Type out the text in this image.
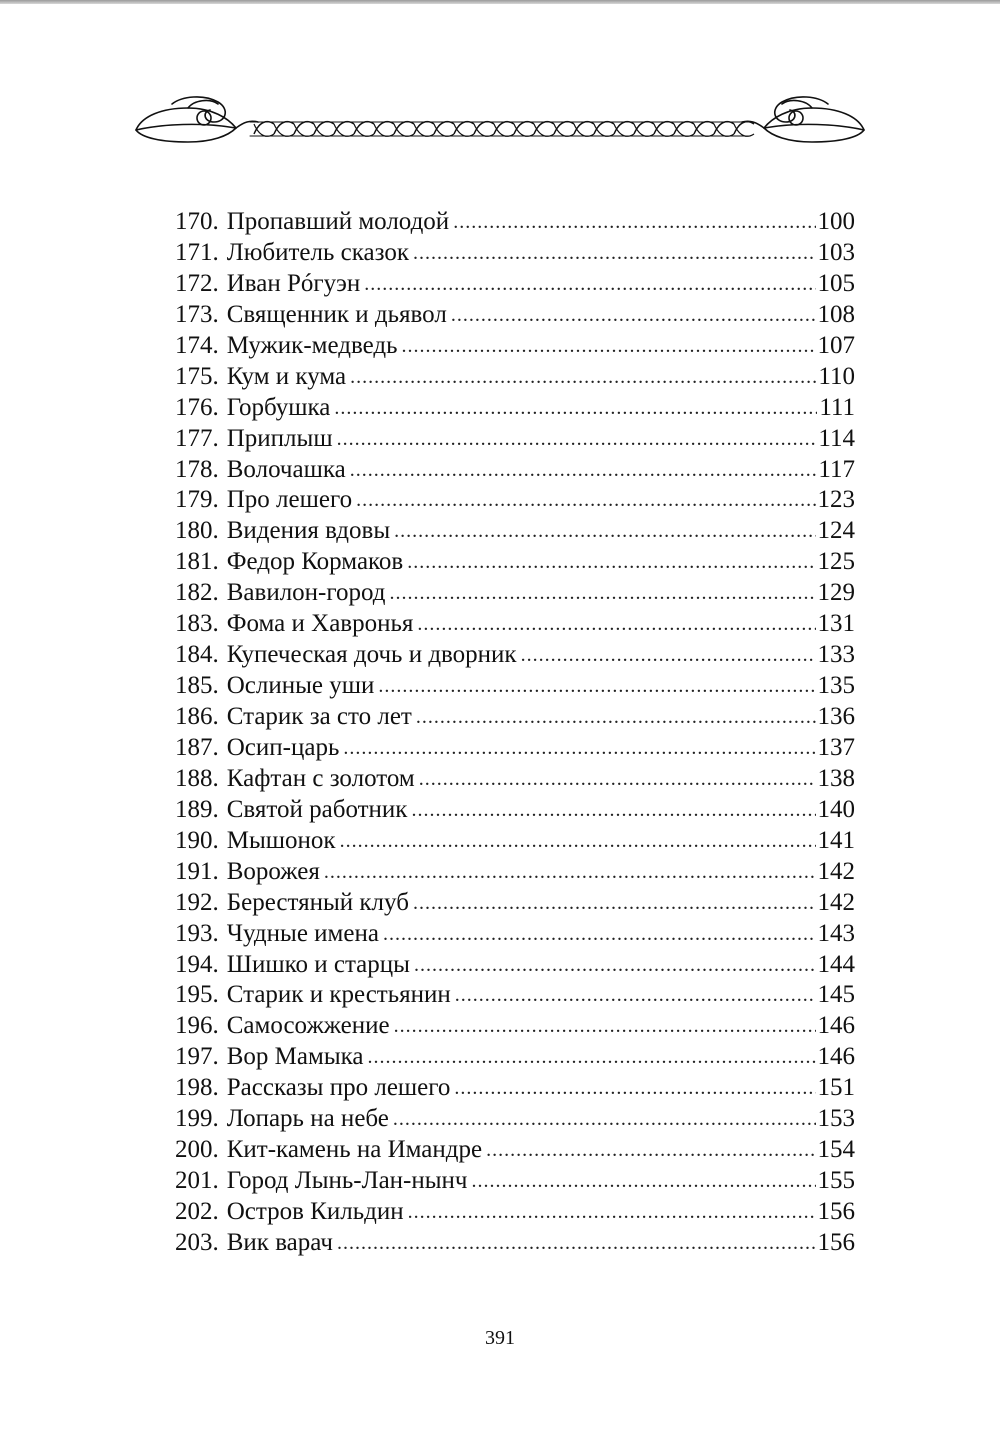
170. Пропавший молодой .....	100
171. Любитель сказок .....	103
172. Иван Рóгуэн .....	105
173. Священник и дьявол .....	108
174. Мужик-медведь .....	107
175. Кум и кума .....	110
176. Горбушка .....	111
177. Приплыш .....	114
178. Волочашка .....	117
179. Про лешего .....	123
180. Видения вдовы .....	124
181. Федор Кормаков .....	125
182. Вавилон-город .....	129
183. Фома и Хавронья .....	131
184. Купеческая дочь и дворник .....	133
185. Ослиные уши .....	135
186. Старик за сто лет .....	136
187. Осип-царь .....	137
188. Кафтан с золотом .....	138
189. Святой работник .....	140
190. Мышонок .....	141
191. Ворожея .....	142
192. Берестяный клуб .....	142
193. Чудные имена .....	143
194. Шишко и старцы .....	144
195. Старик и крестьянин .....	145
196. Самосожжение .....	146
197. Вор Мамыка .....	146
198. Рассказы про лешего .....	151
199. Лопарь на небе .....	153
200. Кит-камень на Имандре .....	154
201. Город Лынь-Лан-нынч .....	155
202. Остров Кильдин .....	156
203. Вик варач .....	156
391
